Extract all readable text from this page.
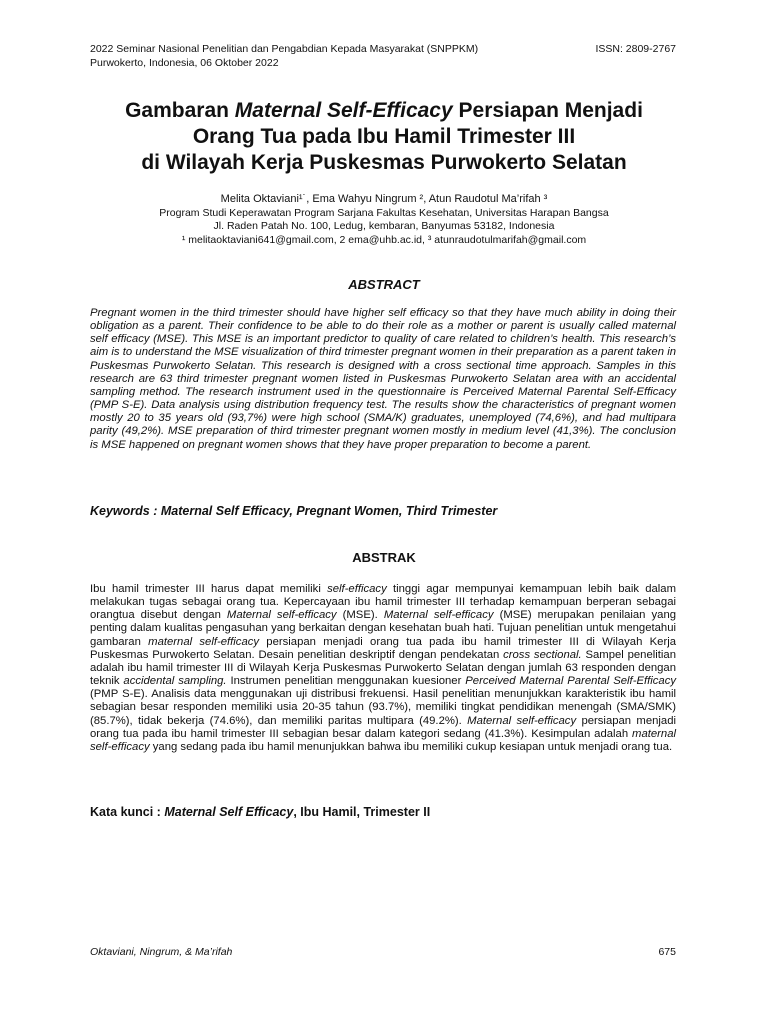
2022 Seminar Nasional Penelitian dan Pengabdian Kepada Masyarakat (SNPPKM)
Purwokerto, Indonesia, 06 Oktober 2022
ISSN: 2809-2767
Gambaran Maternal Self-Efficacy Persiapan Menjadi
Orang Tua pada Ibu Hamil Trimester III
di Wilayah Kerja Puskesmas Purwokerto Selatan
Melita Oktaviani¹˙, Ema Wahyu Ningrum ², Atun Raudotul Ma’rifah ³
Program Studi Keperawatan Program Sarjana Fakultas Kesehatan, Universitas Harapan Bangsa
Jl. Raden Patah No. 100, Ledug, kembaran, Banyumas 53182, Indonesia
¹ melitaoktaviani641@gmail.com, 2 ema@uhb.ac.id, ³ atunraudotulmarifah@gmail.com
ABSTRACT
Pregnant women in the third trimester should have higher self efficacy so that they have much ability in doing their obligation as a parent. Their confidence to be able to do their role as a mother or parent is usually called maternal self efficacy (MSE). This MSE is an important predictor to quality of care related to children’s health. This research’s aim is to understand the MSE visualization of third trimester pregnant women in their preparation as a parent taken in Puskesmas Purwokerto Selatan. This research is designed with a cross sectional time approach. Samples in this research are 63 third trimester pregnant women listed in Puskesmas Purwokerto Selatan area with an accidental sampling method. The research instrument used in the questionnaire is Perceived Maternal Parental Self-Efficacy (PMP S-E). Data analysis using distribution frequency test. The results show the characteristics of pregnant women mostly 20 to 35 years old (93,7%) were high school (SMA/K) graduates, unemployed (74,6%), and had multipara parity (49,2%). MSE preparation of third trimester pregnant women mostly in medium level (41,3%). The conclusion is MSE happened on pregnant women shows that they have proper preparation to become a parent.
Keywords : Maternal Self Efficacy, Pregnant Women, Third Trimester
ABSTRAK
Ibu hamil trimester III harus dapat memiliki self-efficacy tinggi agar mempunyai kemampuan lebih baik dalam melakukan tugas sebagai orang tua. Kepercayaan ibu hamil trimester III terhadap kemampuan berperan sebagai orangtua disebut dengan Maternal self-efficacy (MSE). Maternal self-efficacy (MSE) merupakan penilaian yang penting dalam kualitas pengasuhan yang berkaitan dengan kesehatan buah hati. Tujuan penelitian untuk mengetahui gambaran maternal self-efficacy persiapan menjadi orang tua pada ibu hamil trimester III di Wilayah Kerja Puskesmas Purwokerto Selatan. Desain penelitian deskriptif dengan pendekatan cross sectional. Sampel penelitian adalah ibu hamil trimester III di Wilayah Kerja Puskesmas Purwokerto Selatan dengan jumlah 63 responden dengan teknik accidental sampling. Instrumen penelitian menggunakan kuesioner Perceived Maternal Parental Self-Efficacy (PMP S-E). Analisis data menggunakan uji distribusi frekuensi. Hasil penelitian menunjukkan karakteristik ibu hamil sebagian besar responden memiliki usia 20-35 tahun (93.7%), memiliki tingkat pendidikan menengah (SMA/SMK) (85.7%), tidak bekerja (74.6%), dan memiliki paritas multipara (49.2%). Maternal self-efficacy persiapan menjadi orang tua pada ibu hamil trimester III sebagian besar dalam kategori sedang (41.3%). Kesimpulan adalah maternal self-efficacy yang sedang pada ibu hamil menunjukkan bahwa ibu memiliki cukup kesiapan untuk menjadi orang tua.
Kata kunci : Maternal Self Efficacy, Ibu Hamil, Trimester II
Oktaviani, Ningrum, & Ma’rifah	675
